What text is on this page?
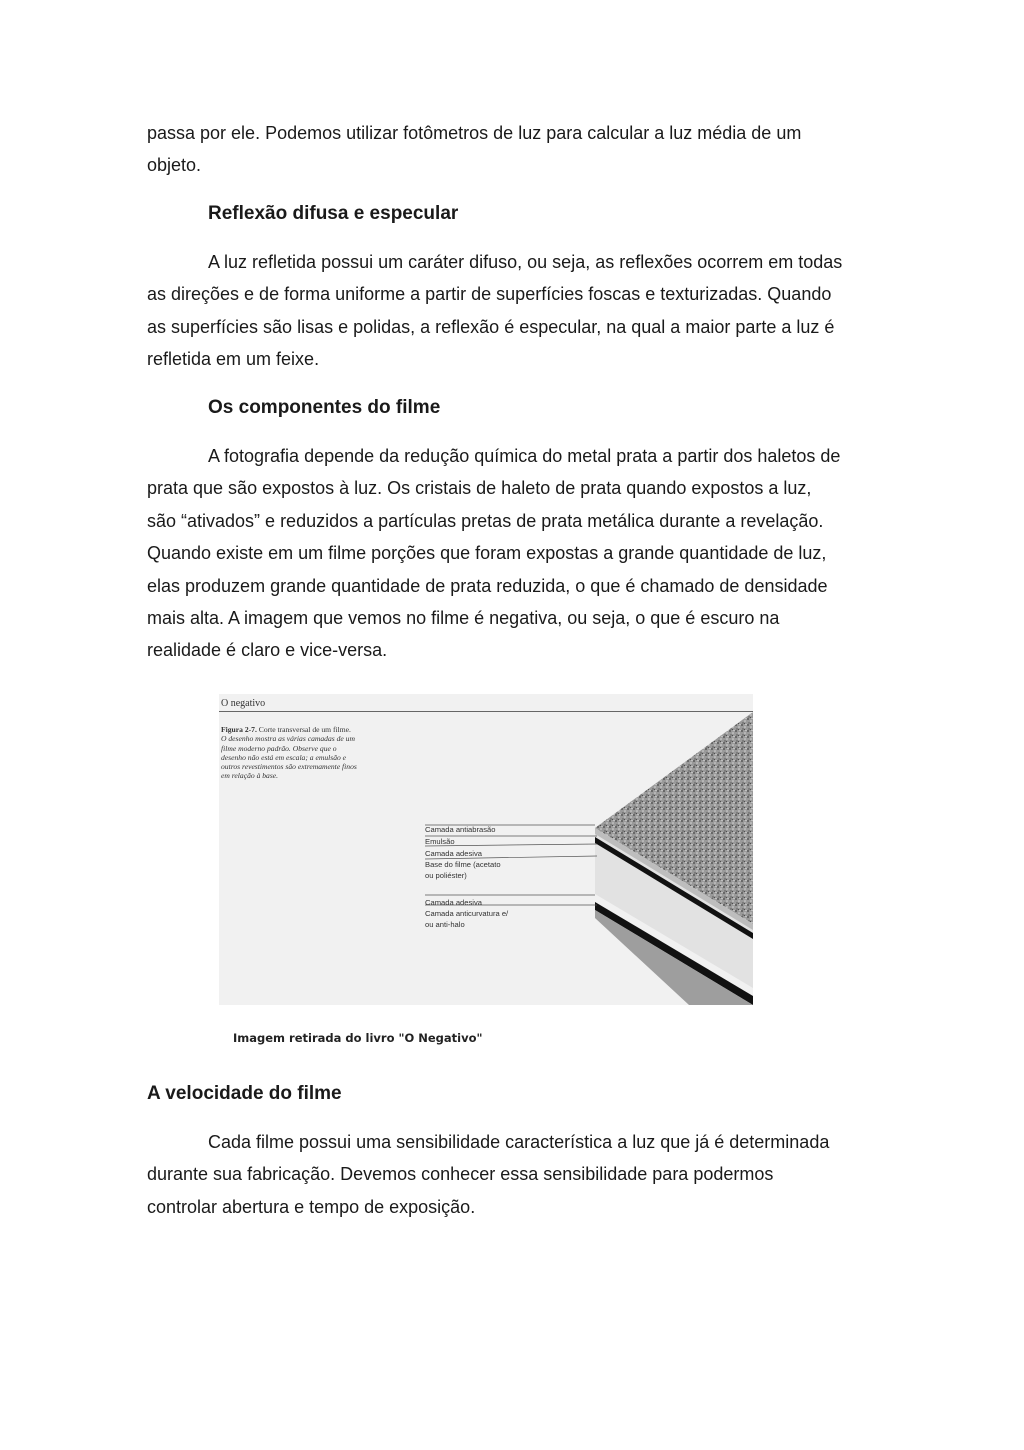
passa por ele. Podemos utilizar fotômetros de luz para calcular a luz média de um
objeto.

Reflexão difusa e especular

A luz refletida possui um caráter difuso, ou seja, as reflexões ocorrem em todas
as direções e de forma uniforme a partir de superfícies foscas e texturizadas. Quando
as superfícies são lisas e polidas, a reflexão é especular, na qual a maior parte a luz é
refletida em um feixe.

Os componentes do filme

A fotografia depende da redução química do metal prata a partir dos haletos de
prata que são expostos à luz. Os cristais de haleto de prata quando expostos a luz,
são “ativados” e reduzidos a partículas pretas de prata metálica durante a revelação.
Quando existe em um filme porções que foram expostas a grande quantidade de luz,
elas produzem grande quantidade de prata reduzida, o que é chamado de densidade
mais alta. A imagem que vemos no filme é negativa, ou seja, o que é escuro na
realidade é claro e vice-versa.

O negativo
Figura 2-7. Corte transversal de um filme.
O desenho mostra as várias camadas de um
filme moderno padrão. Observe que o
desenho não está em escala; a emulsão e
outros revestimentos são extremamente finos
em relação à base.
Camada antiabrasão
Emulsão
Camada adesiva
Base do filme (acetato
ou poliéster)
Camada adesiva
Camada anticurvatura e/
ou anti-halo
Imagem retirada do livro "O Negativo"
A velocidade do filme

Cada filme possui uma sensibilidade característica a luz que já é determinada
durante sua fabricação. Devemos conhecer essa sensibilidade para podermos
controlar abertura e tempo de exposição.
